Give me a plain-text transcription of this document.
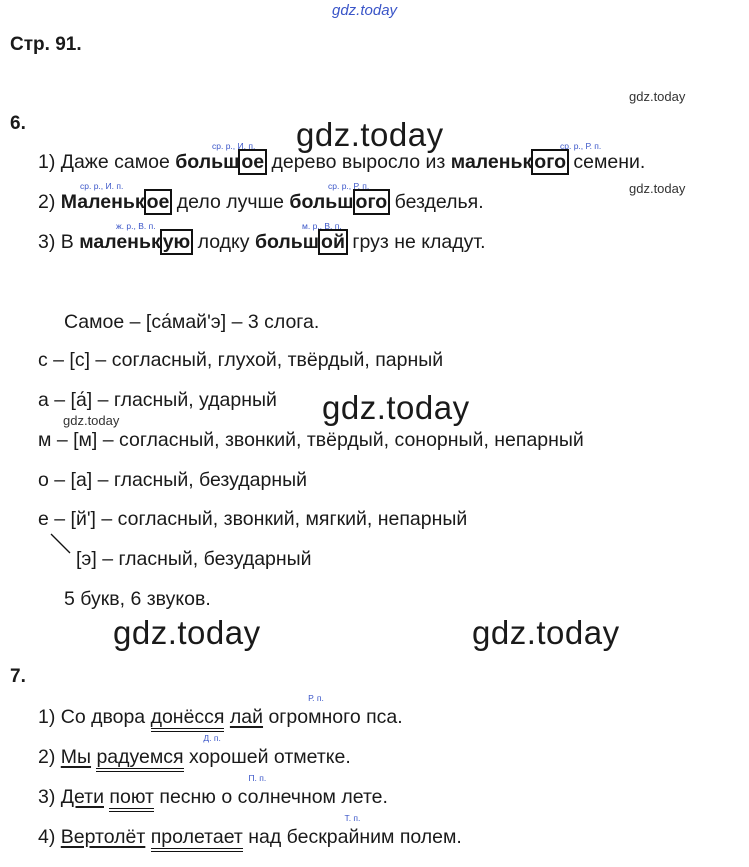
gdz.today
Стр. 91.
gdz.today
6.	gdz.today
ср. р., И. п.	ср. р., Р. п.
1) Даже самое больш ое дерево выросло из маленьк ого семени.
gdz.today
ср. р., И. п.	ср. р., Р. п.
2) Маленьк ое дело лучше больш ого безделья.
ж. р., В. п.	м. р., В. п.
3) В маленьк ую лодку больш ой груз не кладут.
Самое – [са́май'э] – 3 слога.
с – [с] – согласный, глухой, твёрдый, парный
а – [а́] – гласный, ударный gdz.today
gdz.today
м – [м] – согласный, звонкий, твёрдый, сонорный, непарный
о – [а] – гласный, безударный
е – [й'] – согласный, звонкий, мягкий, непарный
[э] – гласный, безударный
5 букв, 6 звуков.
gdz.today	gdz.today
7.
1) Со двора донёсся лай огро
Р. п.
много пса.
2) Мы радуемся хо
Д. п.
рошей отметке.
3) Дети поют песню о со
П. п.
лнечном лете.
4) Вертолёт пролетает над бескра
Т. п.
йним полем.
